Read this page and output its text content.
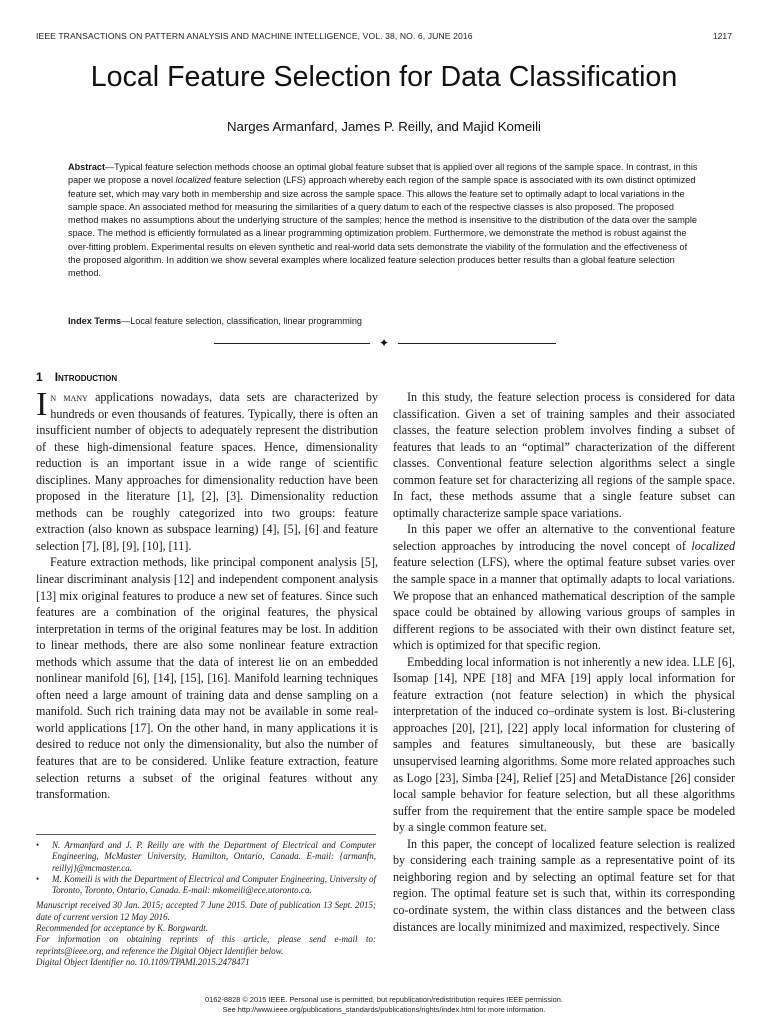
IEEE TRANSACTIONS ON PATTERN ANALYSIS AND MACHINE INTELLIGENCE, VOL. 38, NO. 6, JUNE 2016	1217
Local Feature Selection for Data Classification
Narges Armanfard, James P. Reilly, and Majid Komeili

Abstract—Typical feature selection methods choose an optimal global feature subset that is applied over all regions of the sample space. In contrast, in this paper we propose a novel localized feature selection (LFS) approach whereby each region of the sample space is associated with its own distinct optimized feature set, which may vary both in membership and size across the sample space. This allows the feature set to optimally adapt to local variations in the sample space. An associated method for measuring the similarities of a query datum to each of the respective classes is also proposed. The proposed method makes no assumptions about the underlying structure of the samples; hence the method is insensitive to the distribution of the data over the sample space. The method is efficiently formulated as a linear programming optimization problem. Furthermore, we demonstrate the method is robust against the over-fitting problem. Experimental results on eleven synthetic and real-world data sets demonstrate the viability of the formulation and the effectiveness of the proposed algorithm. In addition we show several examples where localized feature selection produces better results than a global feature selection method.

Index Terms—Local feature selection, classification, linear programming
✦
1 Introduction

In many applications nowadays, data sets are characterized by hundreds or even thousands of features. Typically, there is often an insufficient number of objects to adequately represent the distribution of these high-dimensional feature spaces. Hence, dimensionality reduction is an important issue in a wide range of scientific disciplines. Many approaches for dimensionality reduction have been proposed in the literature [1], [2], [3]. Dimensionality reduction methods can be roughly categorized into two groups: feature extraction (also known as subspace learning) [4], [5], [6] and feature selection [7], [8], [9], [10], [11].

Feature extraction methods, like principal component analysis [5], linear discriminant analysis [12] and independent component analysis [13] mix original features to produce a new set of features. Since such features are a combination of the original features, the physical interpretation in terms of the original features may be lost. In addition to linear methods, there are also some nonlinear feature extraction methods which assume that the data of interest lie on an embedded nonlinear manifold [6], [14], [15], [16]. Manifold learning techniques often need a large amount of training data and dense sampling on a manifold. Such rich training data may not be available in some real-world applications [17]. On the other hand, in many applications it is desired to reduce not only the dimensionality, but also the number of features that are to be considered. Unlike feature extraction, feature selection returns a subset of the original features without any transformation.

In this study, the feature selection process is considered for data classification. Given a set of training samples and their associated classes, the feature selection problem involves finding a subset of features that leads to an “optimal” characterization of the different classes. Conventional feature selection algorithms select a single common feature set for characterizing all regions of the sample space. In fact, these methods assume that a single feature subset can optimally characterize sample space variations.

In this paper we offer an alternative to the conventional feature selection approaches by introducing the novel concept of localized feature selection (LFS), where the optimal feature subset varies over the sample space in a manner that optimally adapts to local variations. We propose that an enhanced mathematical description of the sample space could be obtained by allowing various groups of samples in different regions to be associated with their own distinct feature set, which is optimized for that specific region.

Embedding local information is not inherently a new idea. LLE [6], Isomap [14], NPE [18] and MFA [19] apply local information for feature extraction (not feature selection) in which the physical interpretation of the induced co–ordinate system is lost. Bi-clustering approaches [20], [21], [22] apply local information for clustering of samples and features simultaneously, but these are basically unsupervised learning algorithms. Some more related approaches such as Logo [23], Simba [24], Relief [25] and MetaDistance [26] consider local sample behavior for feature selection, but all these algorithms suffer from the requirement that the entire sample space be modeled by a single common feature set.

In this paper, the concept of localized feature selection is realized by considering each training sample as a representative point of its neighboring region and by selecting an optimal feature set for that region. The optimal feature set is such that, within its corresponding co-ordinate system, the within class distances and the between class distances are locally minimized and maximized, respectively. Since

• N. Armanfard and J. P. Reilly are with the Department of Electrical and Computer Engineering, McMaster University, Hamilton, Ontario, Canada. E-mail: {armanfn, reillyj}@mcmaster.ca.

• M. Komeili is with the Department of Electrical and Computer Engineering, University of Toronto, Toronto, Ontario, Canada. E-mail: mkomeili@ece.utoronto.ca.

Manuscript received 30 Jan. 2015; accepted 7 June 2015. Date of publication 13 Sept. 2015; date of current version 12 May 2016.
Recommended for acceptance by K. Borgwardt.
For information on obtaining reprints of this article, please send e-mail to: reprints@ieee.org, and reference the Digital Object Identifier below.
Digital Object Identifier no. 10.1109/TPAMI.2015.2478471

0162-8828 © 2015 IEEE. Personal use is permitted, but republication/redistribution requires IEEE permission.
See http://www.ieee.org/publications_standards/publications/rights/index.html for more information.
